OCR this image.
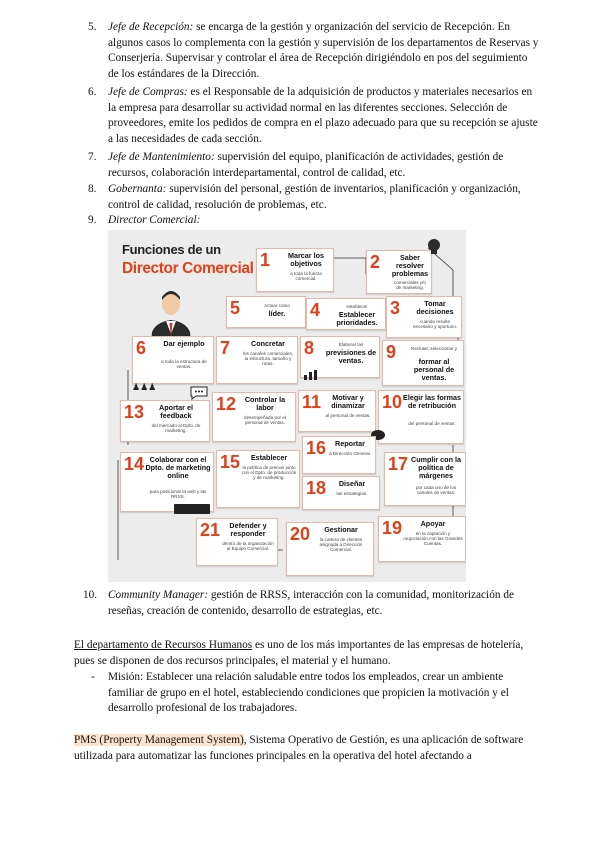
5. Jefe de Recepción: se encarga de la gestión y organización del servicio de Recepción. En algunos casos lo complementa con la gestión y supervisión de los departamentos de Reservas y Conserjería. Supervisar y controlar el área de Recepción dirigiéndolo en pos del seguimiento de los estándares de la Dirección.
6. Jefe de Compras: es el Responsable de la adquisición de productos y materiales necesarios en la empresa para desarrollar su actividad normal en las diferentes secciones. Selección de proveedores, emite los pedidos de compra en el plazo adecuado para que su recepción se ajuste a las necesidades de cada sección.
7. Jefe de Mantenimiento: supervisión del equipo, planificación de actividades, gestión de recursos, colaboración interdepartamental, control de calidad, etc.
8. Gobernanta: supervisión del personal, gestión de inventarios, planificación y organización, control de calidad, resolución de problemas, etc.
9. Director Comercial:
Funciones de un
Director Comercial 1	Marcar los objetivos
a toda la fuerza comercial.
2	Saber resolver problemas
comerciales y/o de marketing.
5	Actuar como
líder.	4	establecer
Establecer prioridades.
3	Tomar decisiones
cuando resulte necesario y oportuno.
6	Dar ejemplo
a toda la estructura de ventas.
♟♟♟
7	Concretar
los canales comerciales, la estructura, tamaño y rutas.
8	Elaborar las
previsiones de ventas.	9	Reclutar, seleccionar y
formar al personal de ventas.
13	Aportar el feedback
del mercado al Dpto. de marketing.
12	Controlar la labor
desempeñada por el personal de ventas.
11	Motivar y dinamizar
al personal de ventas.
10 Elegir las formas de retribución
del personal de ventas.
14 Colaborar con el Dpto. de marketing online
para posicionar la web y las RRSS.
15	Establecer
la política de precios junto con el Dpto. de producción y de marketing.
16	Reportar
a Dirección General.
17 Cumplir con la política de márgenes
por cada uno de los canales de ventas.
18	Diseñar
las estrategias.
21	Defender y responder
dentro de la organización al Equipo Comercial.
20	Gestionar
la cartera de clientes asignada a Dirección Comercial.
19	Apoyar
en la captación y negociación con las Grandes Cuentas.
10. Community Manager: gestión de RRSS, interacción con la comunidad, monitorización de reseñas, creación de contenido, desarrollo de estrategias, etc.
El departamento de Recursos Humanos es uno de los más importantes de las empresas de hotelería, pues se disponen de dos recursos principales, el material y el humano.
- Misión: Establecer una relación saludable entre todos los empleados, crear un ambiente familiar de grupo en el hotel, estableciendo condiciones que propicien la motivación y el desarrollo profesional de los trabajadores.
PMS (Property Management System), Sistema Operativo de Gestión, es una aplicación de software utilizada para automatizar las funciones principales en la operativa del hotel afectando a
